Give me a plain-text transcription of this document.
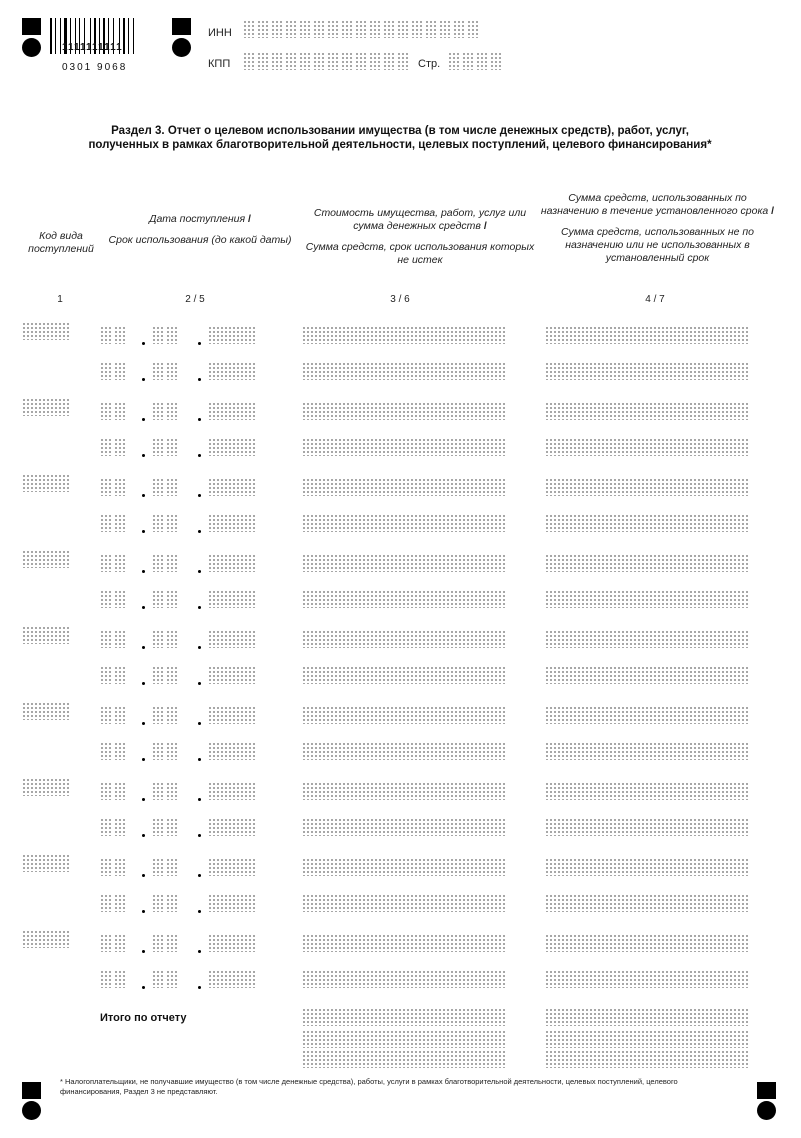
1111111111
0301 9068
ИНН
КПП	Стр.
Раздел 3. Отчет о целевом использовании имущества (в том числе денежных средств), работ, услуг,
полученных в рамках благотворительной деятельности, целевых поступлений, целевого финансирования*
Код вида поступлений
Дата поступления /
Срок использования (до какой даты)
Стоимость имущества, работ, услуг или сумма денежных средств /
Сумма средств, срок использования которых не истек
Сумма средств, использованных по назначению в течение установленного срока /
Сумма средств, использованных не по назначению или не использованных в установленный срок
1	2 / 5	3 / 6	4 / 7
Итого по отчету
* Налогоплательщики, не получавшие имущество (в том числе денежные средства), работы, услуги в рамках благотворительной деятельности, целевых поступлений, целевого финансирования, Раздел 3 не представляют.
